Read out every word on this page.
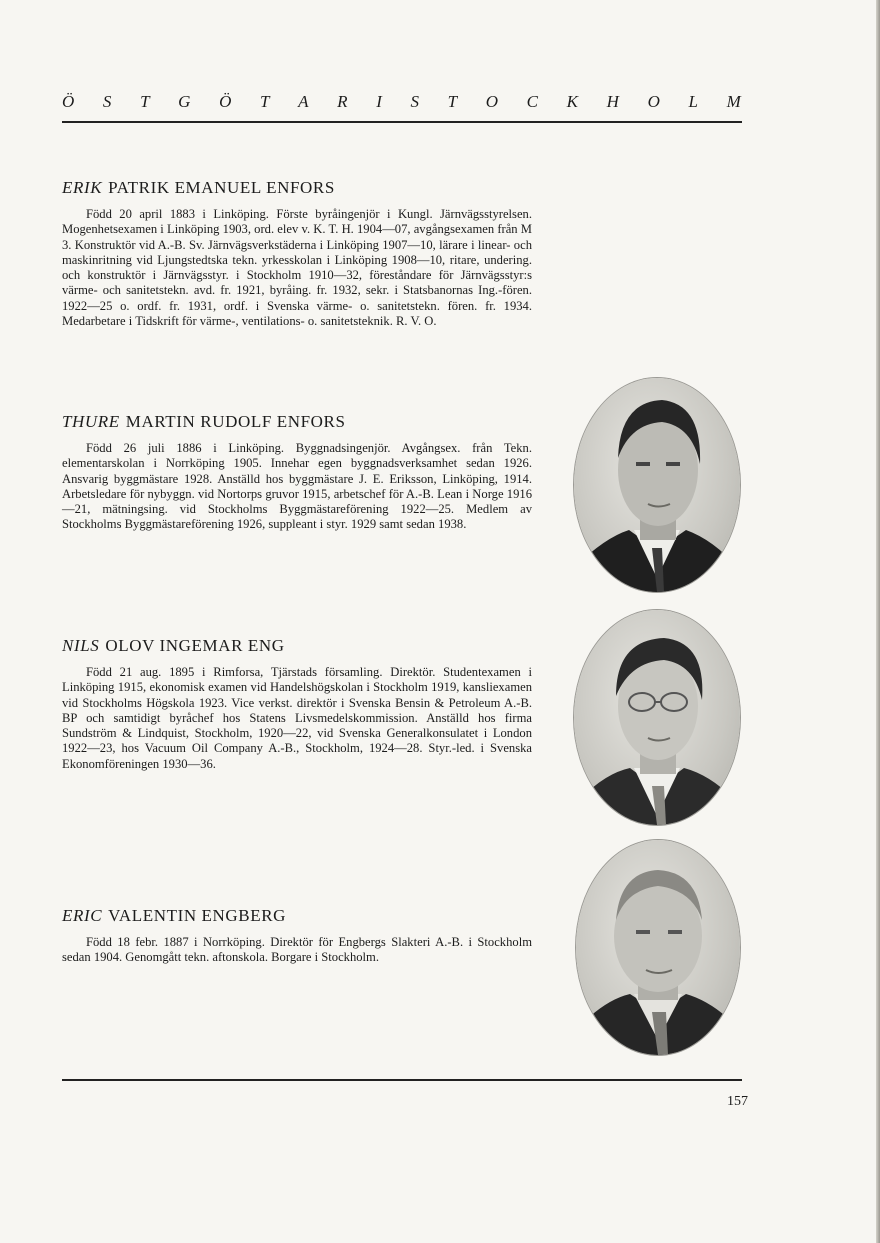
Ö S T G Ö T A R I S T O C K H O L M
ERIK PATRIK EMANUEL ENFORS

Född 20 april 1883 i Linköping. Förste byråingenjör i Kungl. Järnvägsstyrelsen. Mogenhetsexamen i Linköping 1903, ord. elev v. K. T. H. 1904—07, avgångsexamen från M 3. Konstruktör vid A.-B. Sv. Järnvägsverkstäderna i Linköping 1907—10, lärare i linear- och maskinritning vid Ljungstedtska tekn. yrkesskolan i Linköping 1908—10, ritare, undering. och konstruktör i Järnvägsstyr. i Stockholm 1910—32, föreståndare för Järnvägsstyr:s värme- och sanitetstekn. avd. fr. 1921, byråing. fr. 1932, sekr. i Statsbanornas Ing.-fören. 1922—25 o. ordf. fr. 1931, ordf. i Svenska värme- o. sanitetstekn. fören. fr. 1934. Medarbetare i Tidskrift för värme-, ventilations- o. sanitetsteknik. R. V. O.

THURE MARTIN RUDOLF ENFORS

Född 26 juli 1886 i Linköping. Byggnadsingenjör. Avgångsex. från Tekn. elementarskolan i Norrköping 1905. Innehar egen byggnadsverksamhet sedan 1926. Ansvarig byggmästare 1928. Anställd hos byggmästare J. E. Eriksson, Linköping, 1914. Arbetsledare för nybyggn. vid Nortorps gruvor 1915, arbetschef för A.-B. Lean i Norge 1916—21, mätningsing. vid Stockholms Byggmästareförening 1922—25. Medlem av Stockholms Byggmästareförening 1926, suppleant i styr. 1929 samt sedan 1938.

NILS OLOV INGEMAR ENG

Född 21 aug. 1895 i Rimforsa, Tjärstads församling. Direktör. Studentexamen i Linköping 1915, ekonomisk examen vid Handelshögskolan i Stockholm 1919, kansliexamen vid Stockholms Högskola 1923. Vice verkst. direktör i Svenska Bensin & Petroleum A.-B. BP och samtidigt byråchef hos Statens Livsmedelskommission. Anställd hos firma Sundström & Lindquist, Stockholm, 1920—22, vid Svenska Generalkonsulatet i London 1922—23, hos Vacuum Oil Company A.-B., Stockholm, 1924—28. Styr.-led. i Svenska Ekonomföreningen 1930—36.

ERIC VALENTIN ENGBERG

Född 18 febr. 1887 i Norrköping. Direktör för Engbergs Slakteri A.-B. i Stockholm sedan 1904. Genomgått tekn. aftonskola. Borgare i Stockholm.

157
